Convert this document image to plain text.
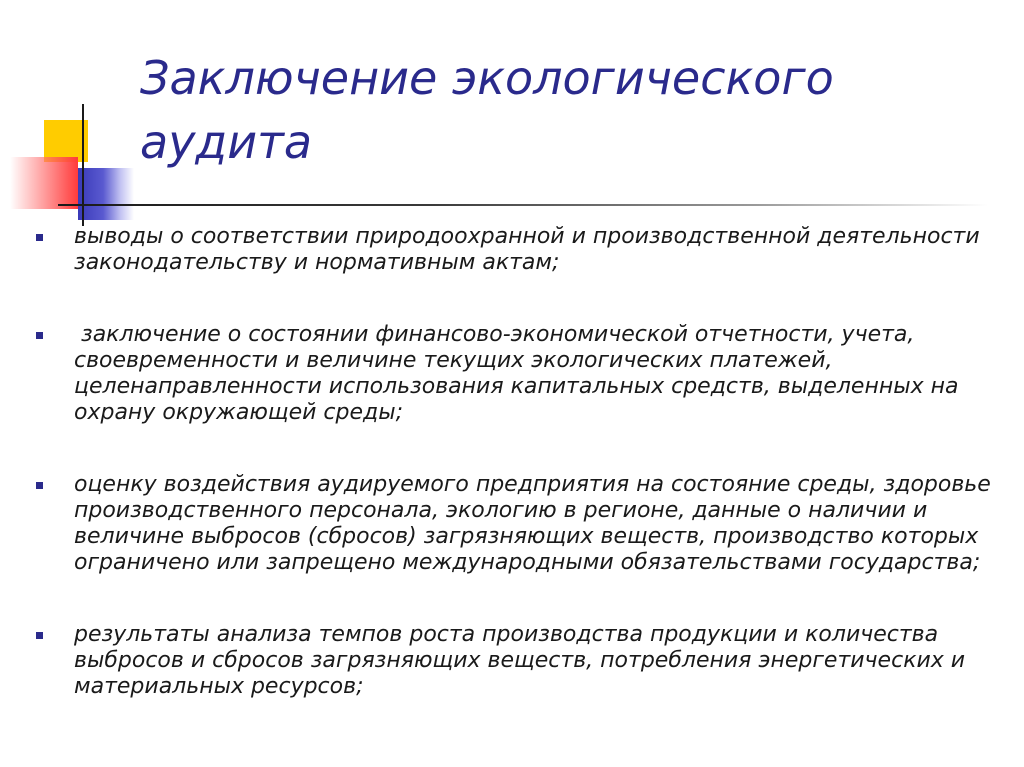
Заключение экологического аудита
выводы о соответствии природоохранной и производственной деятельности законодательству и нормативным актам;
заключение о состоянии финансово-экономической отчетности, учета, своевременности и величине текущих экологических платежей, целенаправленности использования капитальных средств, выделенных на охрану окружающей среды;
оценку воздействия аудируемого предприятия на состояние среды, здоровье производственного персонала, экологию в регионе, данные о наличии и величине выбросов (сбросов) загрязняющих веществ, производство которых ограничено или запрещено международными обязательствами государства;
результаты анализа темпов роста производства продукции и количества выбросов и сбросов загрязняющих веществ, потребления энергетических и материальных ресурсов;
